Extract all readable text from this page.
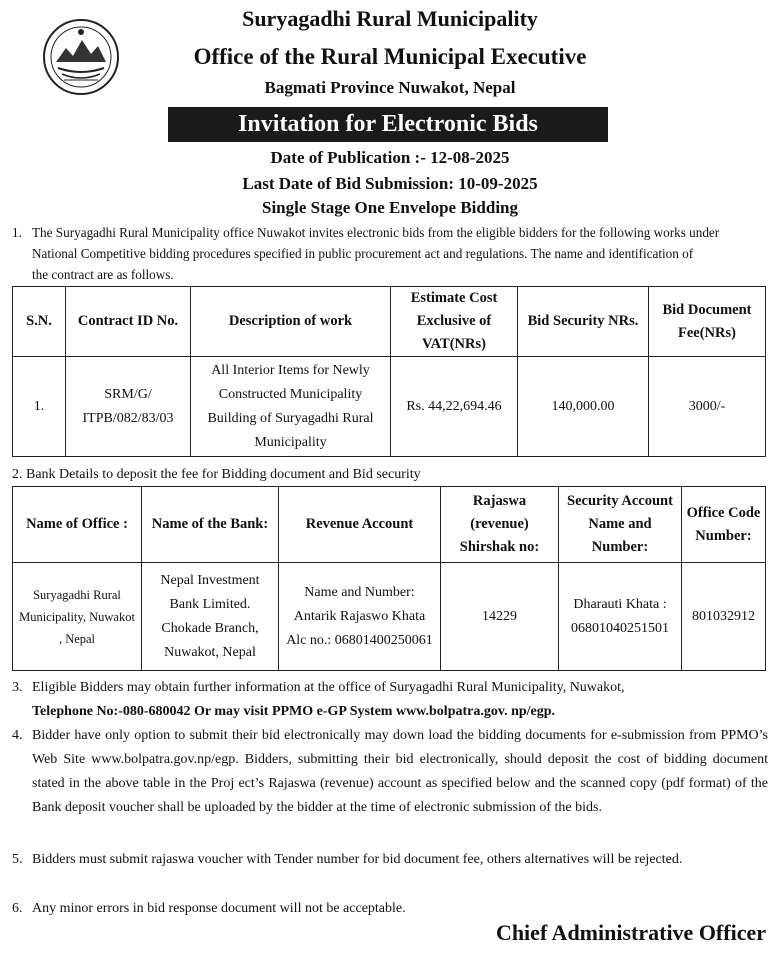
Suryagadhi Rural Municipality
Office of the Rural Municipal Executive
Bagmati Province Nuwakot, Nepal
Invitation for Electronic Bids
Date of Publication :- 12-08-2025
Last Date of Bid Submission: 10-09-2025
Single Stage One Envelope Bidding

1. The Suryagadhi Rural Municipality office Nuwakot invites electronic bids from the eligible bidders for the following works under

National Competitive bidding procedures specified in public procurement act and regulations. The name and identification of

the contract are as follows.

S.N.	Contract ID No.	Description of work	Estimate Cost Exclusive of VAT(NRs)	Bid Security NRs.	Bid Document Fee(NRs)
1.	SRM/G/ ITPB/082/83/03	All Interior Items for Newly Constructed Municipality Building of Suryagadhi Rural Municipality	Rs. 44,22,694.46	140,000.00	3000/-
2. Bank Details to deposit the fee for Bidding document and Bid security
Name of Office :	Name of the Bank:	Revenue Account	Rajaswa (revenue) Shirshak no:	Security Account Name and Number:	Office Code Number:
Suryagadhi Rural Municipality, Nuwakot , Nepal	Nepal Investment Bank Limited. Chokade Branch, Nuwakot, Nepal	Name and Number: Antarik Rajaswo Khata Alc no.: 06801400250061	14229	Dharauti Khata : 06801040251501	801032912

3. Eligible Bidders may obtain further information at the office of Suryagadhi Rural Municipality, Nuwakot,

Telephone No:-080-680042 Or may visit PPMO e-GP System www.bolpatra.gov. np/egp.

4. Bidder have only option to submit their bid electronically may down load the bidding documents for e-submission from PPMO’s Web Site www.bolpatra.gov.np/egp. Bidders, submitting their bid electronically, should deposit the cost of bidding document stated in the above table in the Proj ect’s Rajaswa (revenue) account as specified below and the scanned copy (pdf format) of the Bank deposit voucher shall be uploaded by the bidder at the time of electronic submission of the bids.
5. Bidders must submit rajaswa voucher with Tender number for bid document fee, others alternatives will be rejected.
6. Any minor errors in bid response document will not be acceptable.
Chief Administrative Officer
